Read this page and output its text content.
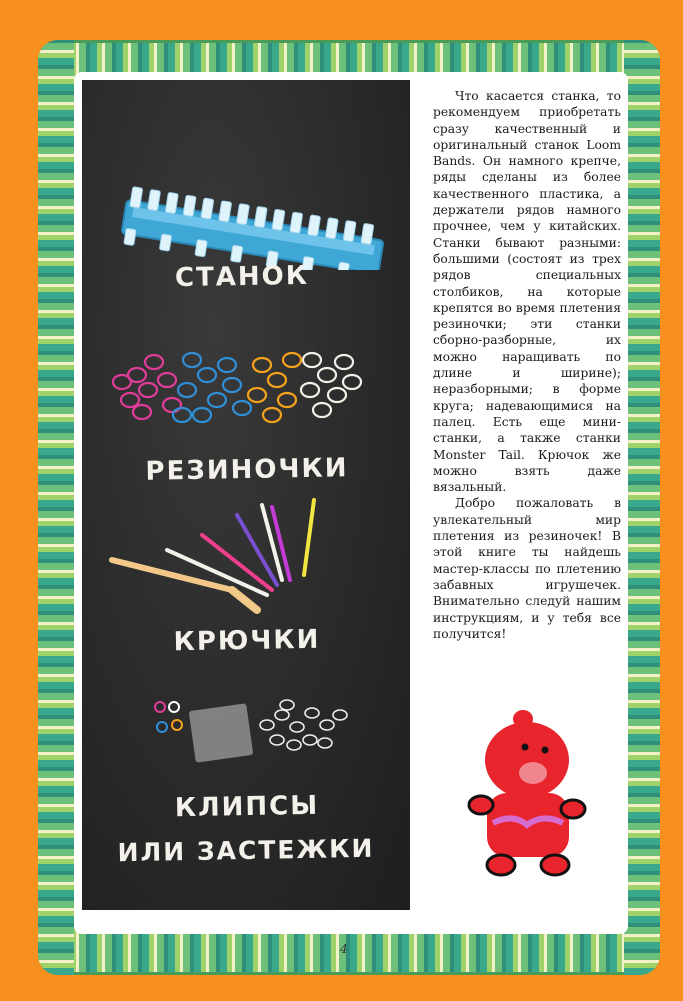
СТАНОК
РЕЗИНОЧКИ
КРЮЧКИ
КЛИПСЫ
ИЛИ ЗАСТЕЖКИ

Что касается станка, то рекомендуем приобретать сразу качественный и оригинальный станок Loom Bands. Он намного крепче, ряды сделаны из более качественного пластика, а держатели рядов намного прочнее, чем у китайских. Станки бывают разными: большими (состоят из трех рядов специальных столбиков, на которые крепятся во время плетения резиночки; эти станки сборно-разборные, их можно наращивать по длине и ширине); неразборными; в форме круга; надевающимися на палец. Есть еще мини-станки, а также станки Monster Tail. Крючок же можно взять даже вязальный.

Добро пожаловать в увлекательный мир плетения из резиночек! В этой книге ты найдешь мастер-классы по плетению забавных игрушечек. Внимательно следуй нашим инструкциям, и у тебя все получится!

4
